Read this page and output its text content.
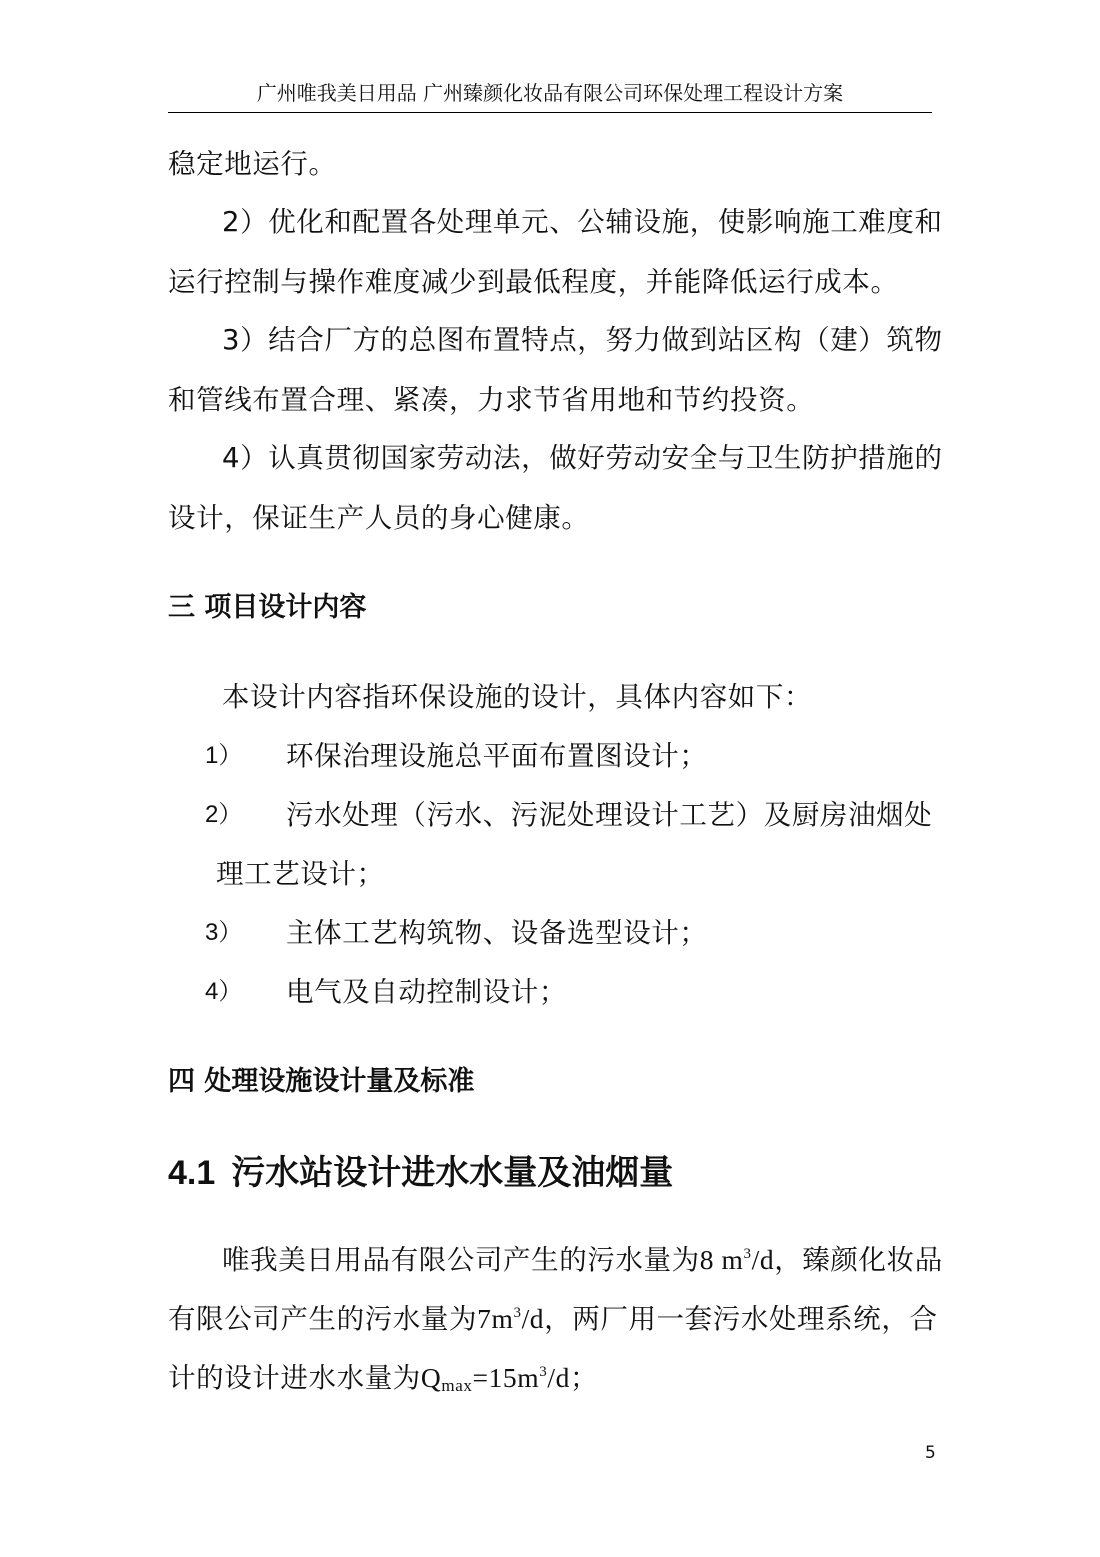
广州唯我美日用品 广州臻颜化妆品有限公司环保处理工程设计方案
稳定地运行。
2）优化和配置各处理单元、公辅设施，使影响施工难度和
运行控制与操作难度减少到最低程度，并能降低运行成本。
3）结合厂方的总图布置特点，努力做到站区构（建）筑物
和管线布置合理、紧凑，力求节省用地和节约投资。
4）认真贯彻国家劳动法，做好劳动安全与卫生防护措施的
设计，保证生产人员的身心健康。
三 项目设计内容
本设计内容指环保设施的设计，具体内容如下：
1） 环保治理设施总平面布置图设计；
2） 污水处理（污水、污泥处理设计工艺）及厨房油烟处
理工艺设计；
3） 主体工艺构筑物、设备选型设计；
4） 电气及自动控制设计；
四 处理设施设计量及标准
4.1 污水站设计进水水量及油烟量
唯我美日用品有限公司产生的污水量为8 $m^3/d$，臻颜化妆品
有限公司产生的污水量为$7m^3/d$，两厂用一套污水处理系统，合
计的设计进水水量为$Q_{max}=15m^3/d$；
5
